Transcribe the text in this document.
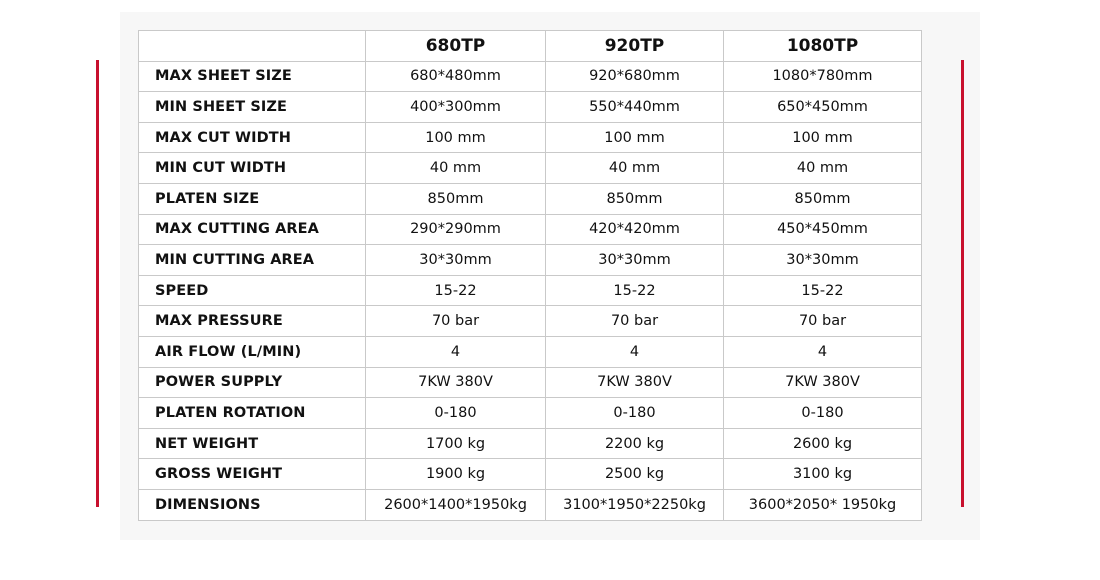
	680TP	920TP	1080TP
MAX SHEET SIZE	680*480mm	920*680mm	1080*780mm
MIN SHEET SIZE	400*300mm	550*440mm	650*450mm
MAX CUT WIDTH	100 mm	100 mm	100 mm
MIN CUT WIDTH	40 mm	40 mm	40 mm
PLATEN SIZE	850mm	850mm	850mm
MAX CUTTING AREA	290*290mm	420*420mm	450*450mm
MIN CUTTING AREA	30*30mm	30*30mm	30*30mm
SPEED	15-22	15-22	15-22
MAX PRESSURE	70 bar	70 bar	70 bar
AIR FLOW (L/MIN)	4	4	4
POWER SUPPLY	7KW 380V	7KW 380V	7KW 380V
PLATEN ROTATION	0-180	0-180	0-180
NET WEIGHT	1700 kg	2200 kg	2600 kg
GROSS WEIGHT	1900 kg	2500 kg	3100 kg
DIMENSIONS	2600*1400*1950kg	3100*1950*2250kg	3600*2050* 1950kg
